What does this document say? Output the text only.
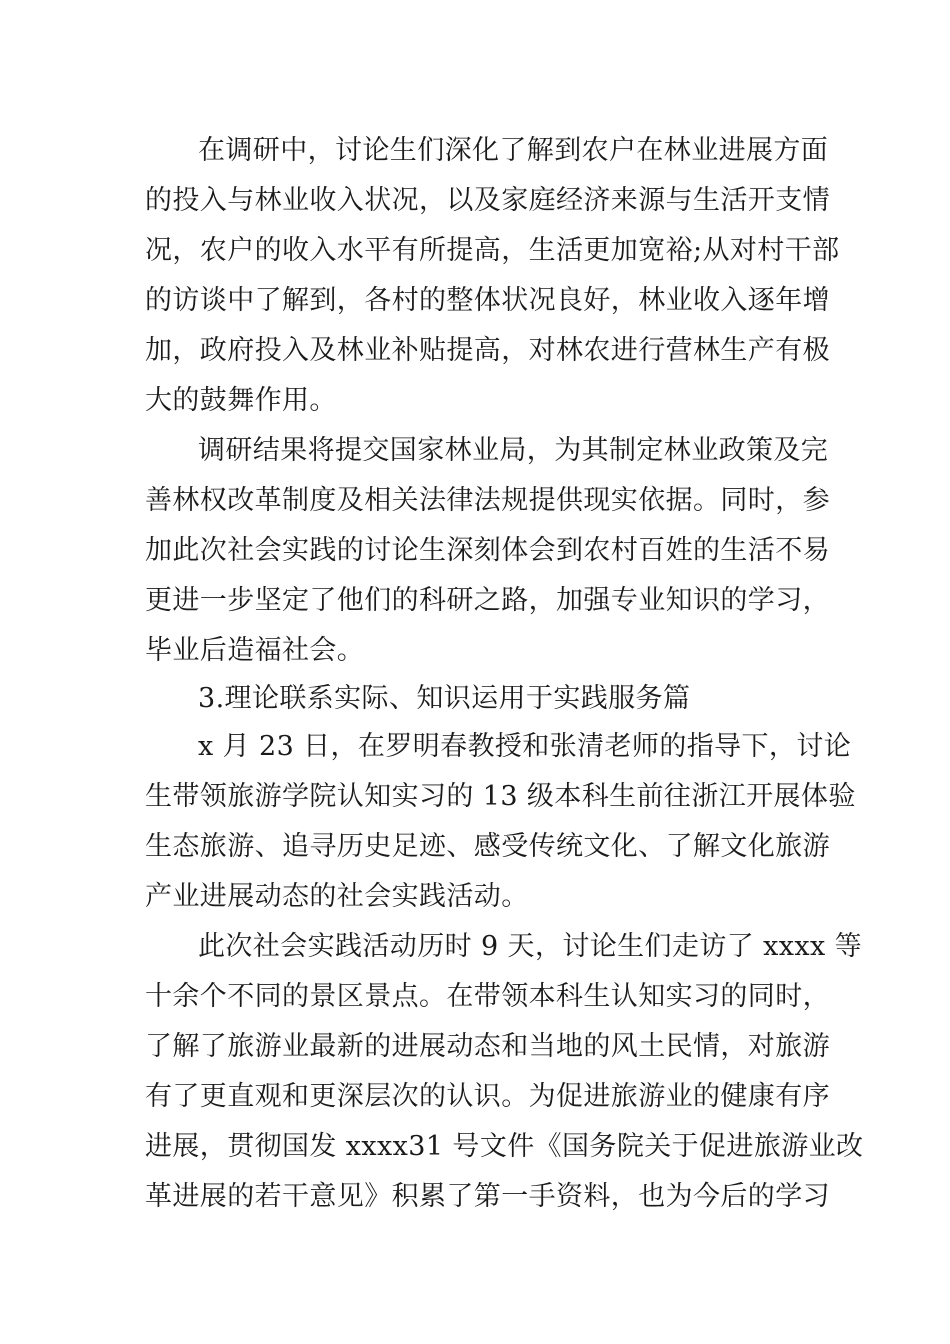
在调研中，讨论生们深化了解到农户在林业进展方面
的投入与林业收入状况，以及家庭经济来源与生活开支情
况，农户的收入水平有所提高，生活更加宽裕;从对村干部
的访谈中了解到，各村的整体状况良好，林业收入逐年增
加，政府投入及林业补贴提高，对林农进行营林生产有极
大的鼓舞作用。
调研结果将提交国家林业局，为其制定林业政策及完
善林权改革制度及相关法律法规提供现实依据。同时，参
加此次社会实践的讨论生深刻体会到农村百姓的生活不易
更进一步坚定了他们的科研之路，加强专业知识的学习，
毕业后造福社会。
3.理论联系实际、知识运用于实践服务篇
x 月 23 日，在罗明春教授和张清老师的指导下，讨论
生带领旅游学院认知实习的 13 级本科生前往浙江开展体验
生态旅游、追寻历史足迹、感受传统文化、了解文化旅游
产业进展动态的社会实践活动。
此次社会实践活动历时 9 天，讨论生们走访了 xxxx 等
十余个不同的景区景点。在带领本科生认知实习的同时，
了解了旅游业最新的进展动态和当地的风土民情，对旅游
有了更直观和更深层次的认识。为促进旅游业的健康有序
进展，贯彻国发 xxxx31 号文件《国务院关于促进旅游业改
革进展的若干意见》积累了第一手资料，也为今后的学习
